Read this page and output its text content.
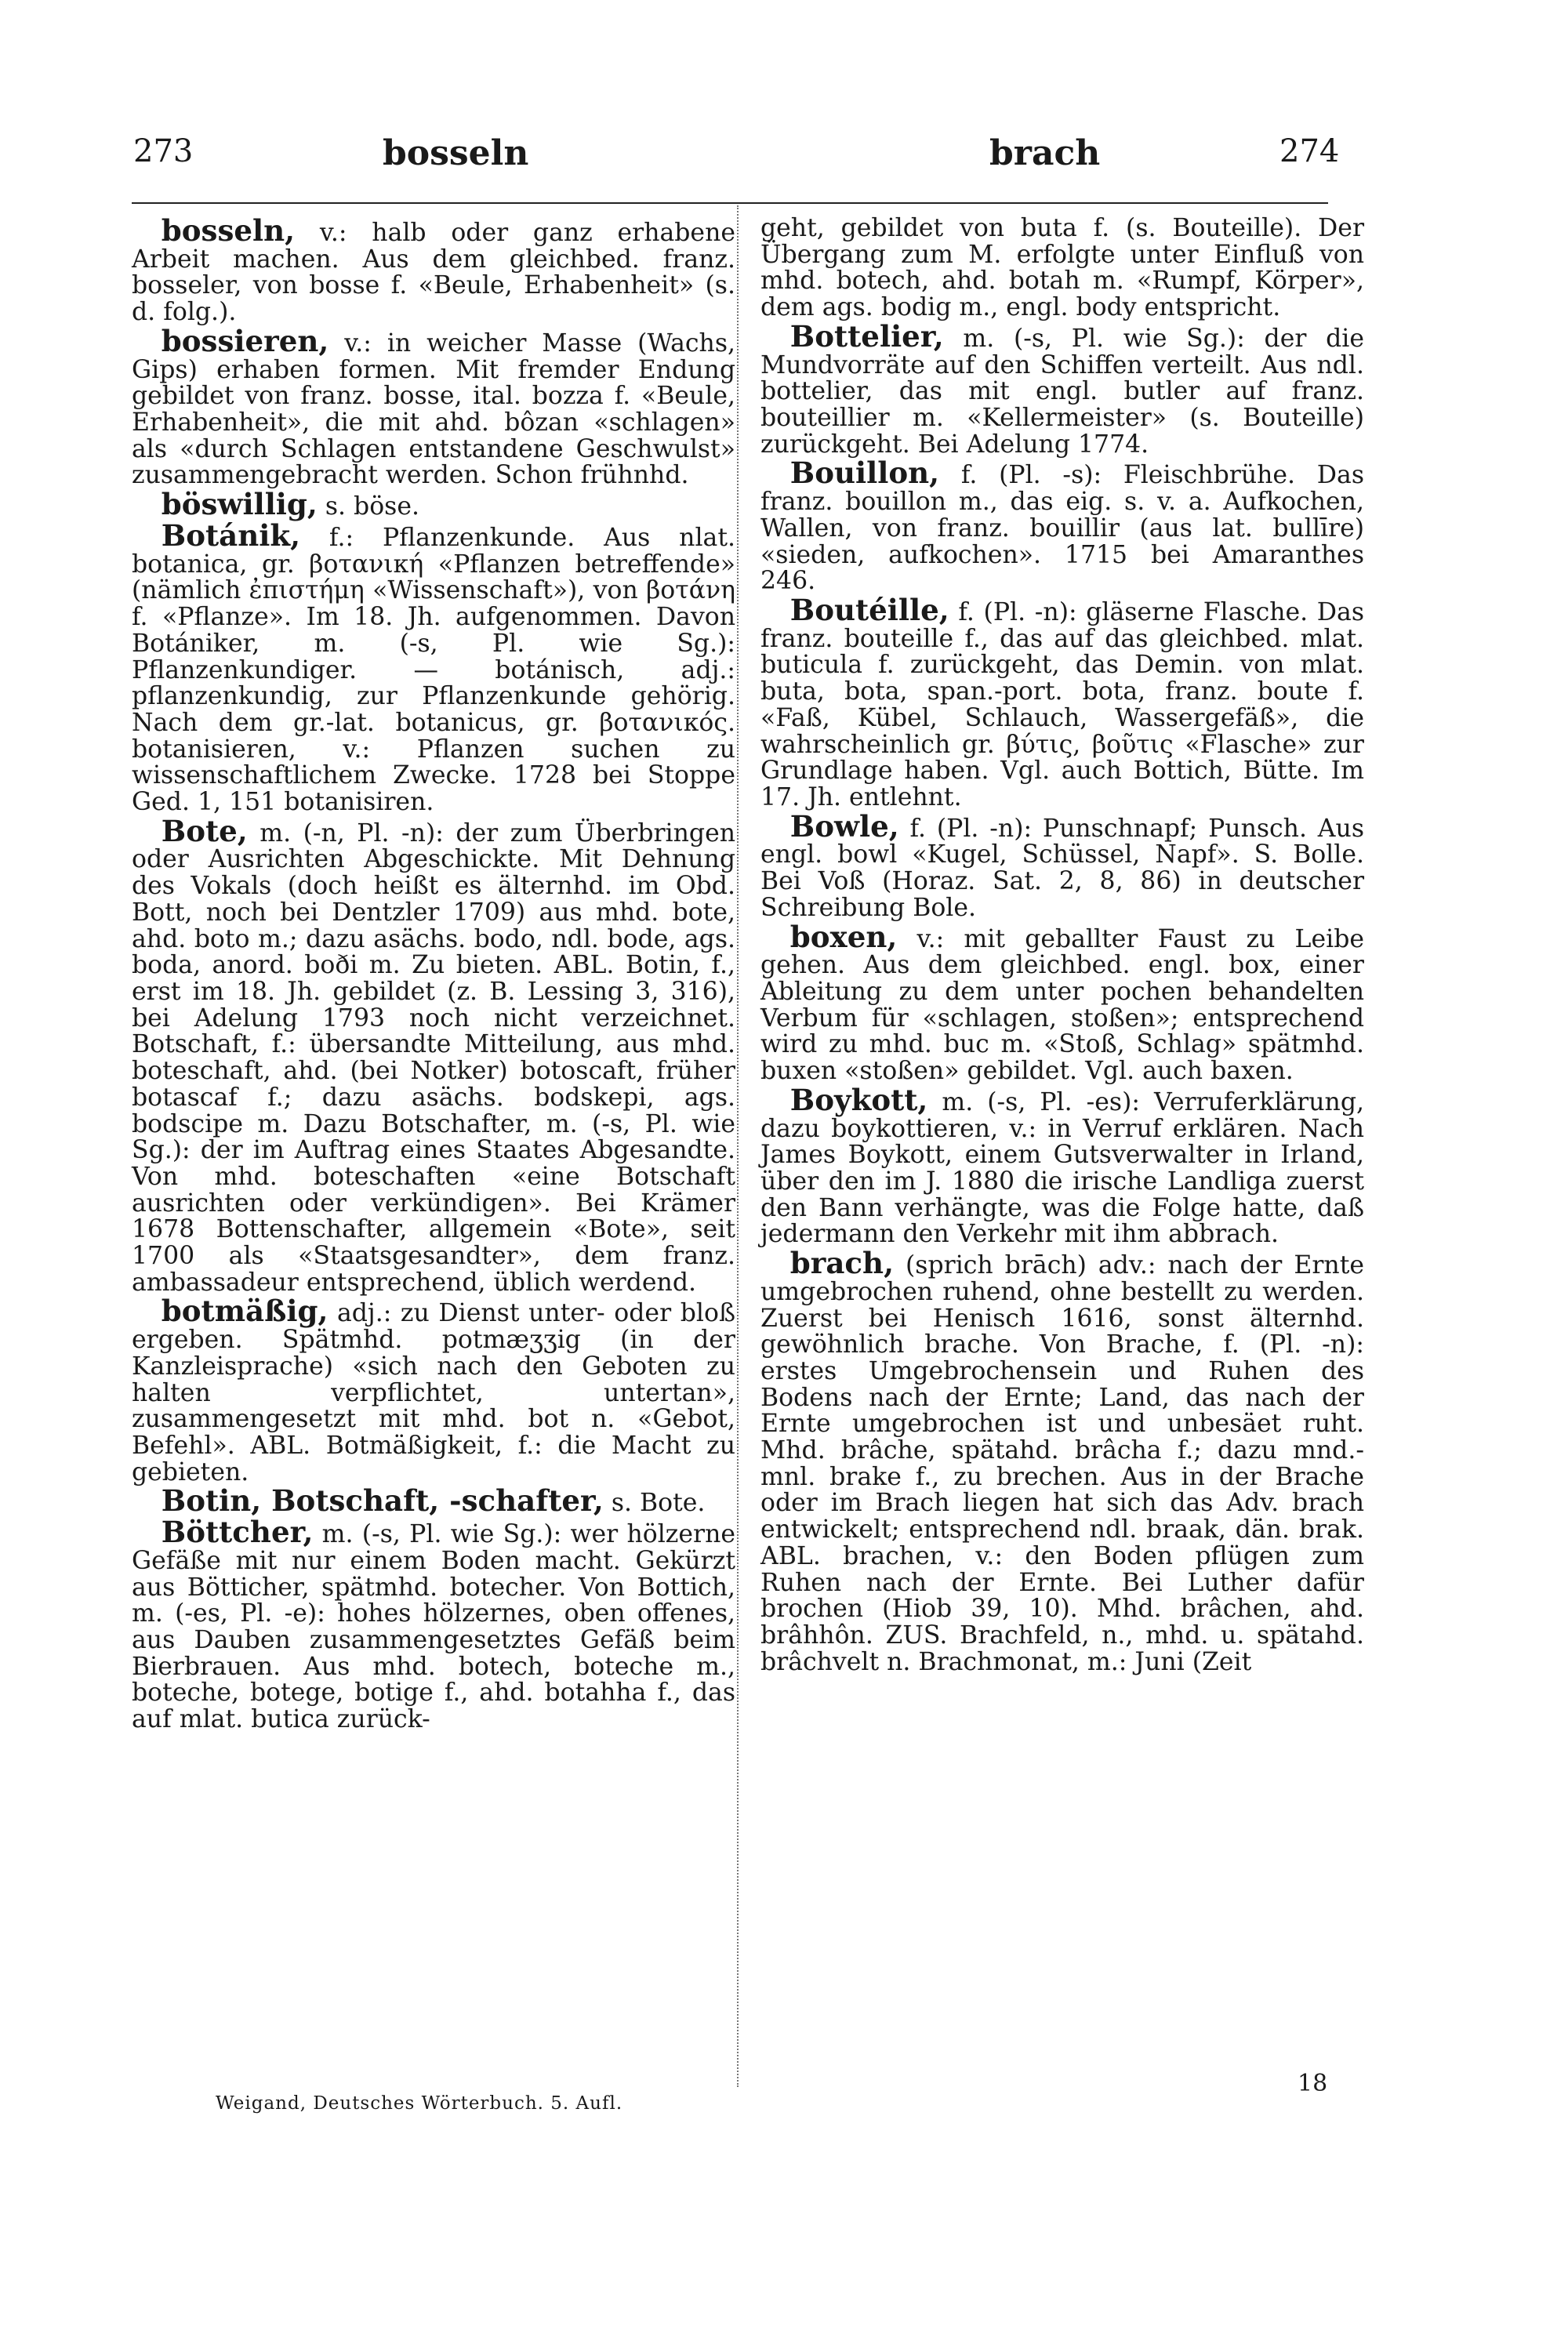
273	bosseln	brach	274

bosseln, v.: halb oder ganz erhabene Arbeit machen. Aus dem gleichbed. franz. bosseler, von bosse f. «Beule, Erhabenheit» (s. d. folg.).

bossieren, v.: in weicher Masse (Wachs, Gips) erhaben formen. Mit fremder Endung gebildet von franz. bosse, ital. bozza f. «Beule, Erhabenheit», die mit ahd. bôzan «schlagen» als «durch Schlagen entstandene Geschwulst» zusammengebracht werden. Schon frühnhd.

böswillig, s. böse.

Botánik, f.: Pflanzenkunde. Aus nlat. botanica, gr. βοτανική «Pflanzen betreffende» (nämlich ἐπιστήμη «Wissenschaft»), von βοτάνη f. «Pflanze». Im 18. Jh. aufgenommen. Davon Botániker, m. (-s, Pl. wie Sg.): Pflanzenkundiger. — botánisch, adj.: pflanzenkundig, zur Pflanzenkunde gehörig. Nach dem gr.-lat. botanicus, gr. βοτανικός. botanisieren, v.: Pflanzen suchen zu wissenschaftlichem Zwecke. 1728 bei Stoppe Ged. 1, 151 botanisiren.

Bote, m. (-n, Pl. -n): der zum Überbringen oder Ausrichten Abgeschickte. Mit Dehnung des Vokals (doch heißt es älternhd. im Obd. Bott, noch bei Dentzler 1709) aus mhd. bote, ahd. boto m.; dazu asächs. bodo, ndl. bode, ags. boda, anord. boði m. Zu bieten. ABL. Botin, f., erst im 18. Jh. gebildet (z. B. Lessing 3, 316), bei Adelung 1793 noch nicht verzeichnet. Botschaft, f.: übersandte Mitteilung, aus mhd. boteschaft, ahd. (bei Notker) botoscaft, früher botascaf f.; dazu asächs. bodskepi, ags. bodscipe m. Dazu Botschafter, m. (-s, Pl. wie Sg.): der im Auftrag eines Staates Abgesandte. Von mhd. boteschaften «eine Botschaft ausrichten oder verkündigen». Bei Krämer 1678 Bottenschafter, allgemein «Bote», seit 1700 als «Staatsgesandter», dem franz. ambassadeur entsprechend, üblich werdend.

botmäßig, adj.: zu Dienst unter- oder bloß ergeben. Spätmhd. potmæʒʒig (in der Kanzleisprache) «sich nach den Geboten zu halten verpflichtet, untertan», zusammengesetzt mit mhd. bot n. «Gebot, Befehl». ABL. Botmäßigkeit, f.: die Macht zu gebieten.

Botin, Botschaft, -schafter, s. Bote.

Böttcher, m. (-s, Pl. wie Sg.): wer hölzerne Gefäße mit nur einem Boden macht. Gekürzt aus Bötticher, spätmhd. botecher. Von Bottich, m. (-es, Pl. -e): hohes hölzernes, oben offenes, aus Dauben zusammengesetztes Gefäß beim Bierbrauen. Aus mhd. botech, boteche m., boteche, botege, botige f., ahd. botahha f., das auf mlat. butica zurück-

geht, gebildet von buta f. (s. Bouteille). Der Übergang zum M. erfolgte unter Einfluß von mhd. botech, ahd. botah m. «Rumpf, Körper», dem ags. bodig m., engl. body entspricht.

Bottelier, m. (-s, Pl. wie Sg.): der die Mundvorräte auf den Schiffen verteilt. Aus ndl. bottelier, das mit engl. butler auf franz. bouteillier m. «Kellermeister» (s. Bouteille) zurückgeht. Bei Adelung 1774.

Bouillon, f. (Pl. -s): Fleischbrühe. Das franz. bouillon m., das eig. s. v. a. Aufkochen, Wallen, von franz. bouillir (aus lat. bullīre) «sieden, aufkochen». 1715 bei Amaranthes 246.

Boutéille, f. (Pl. -n): gläserne Flasche. Das franz. bouteille f., das auf das gleichbed. mlat. buticula f. zurückgeht, das Demin. von mlat. buta, bota, span.-port. bota, franz. boute f. «Faß, Kübel, Schlauch, Wassergefäß», die wahrscheinlich gr. βύτις, βοῦτις «Flasche» zur Grundlage haben. Vgl. auch Bottich, Bütte. Im 17. Jh. entlehnt.

Bowle, f. (Pl. -n): Punschnapf; Punsch. Aus engl. bowl «Kugel, Schüssel, Napf». S. Bolle. Bei Voß (Horaz. Sat. 2, 8, 86) in deutscher Schreibung Bole.

boxen, v.: mit geballter Faust zu Leibe gehen. Aus dem gleichbed. engl. box, einer Ableitung zu dem unter pochen behandelten Verbum für «schlagen, stoßen»; entsprechend wird zu mhd. buc m. «Stoß, Schlag» spätmhd. buxen «stoßen» gebildet. Vgl. auch baxen.

Boykott, m. (-s, Pl. -es): Verruferklärung, dazu boykottieren, v.: in Verruf erklären. Nach James Boykott, einem Gutsverwalter in Irland, über den im J. 1880 die irische Landliga zuerst den Bann verhängte, was die Folge hatte, daß jedermann den Verkehr mit ihm abbrach.

brach, (sprich brāch) adv.: nach der Ernte umgebrochen ruhend, ohne bestellt zu werden. Zuerst bei Henisch 1616, sonst älternhd. gewöhnlich brache. Von Brache, f. (Pl. -n): erstes Umgebrochensein und Ruhen des Bodens nach der Ernte; Land, das nach der Ernte umgebrochen ist und unbesäet ruht. Mhd. brâche, spätahd. brâcha f.; dazu mnd.-mnl. brake f., zu brechen. Aus in der Brache oder im Brach liegen hat sich das Adv. brach entwickelt; entsprechend ndl. braak, dän. brak. ABL. brachen, v.: den Boden pflügen zum Ruhen nach der Ernte. Bei Luther dafür brochen (Hiob 39, 10). Mhd. brâchen, ahd. brâhhôn. ZUS. Brachfeld, n., mhd. u. spätahd. brâchvelt n. Brachmonat, m.: Juni (Zeit

Weigand, Deutsches Wörterbuch. 5. Aufl.
18
